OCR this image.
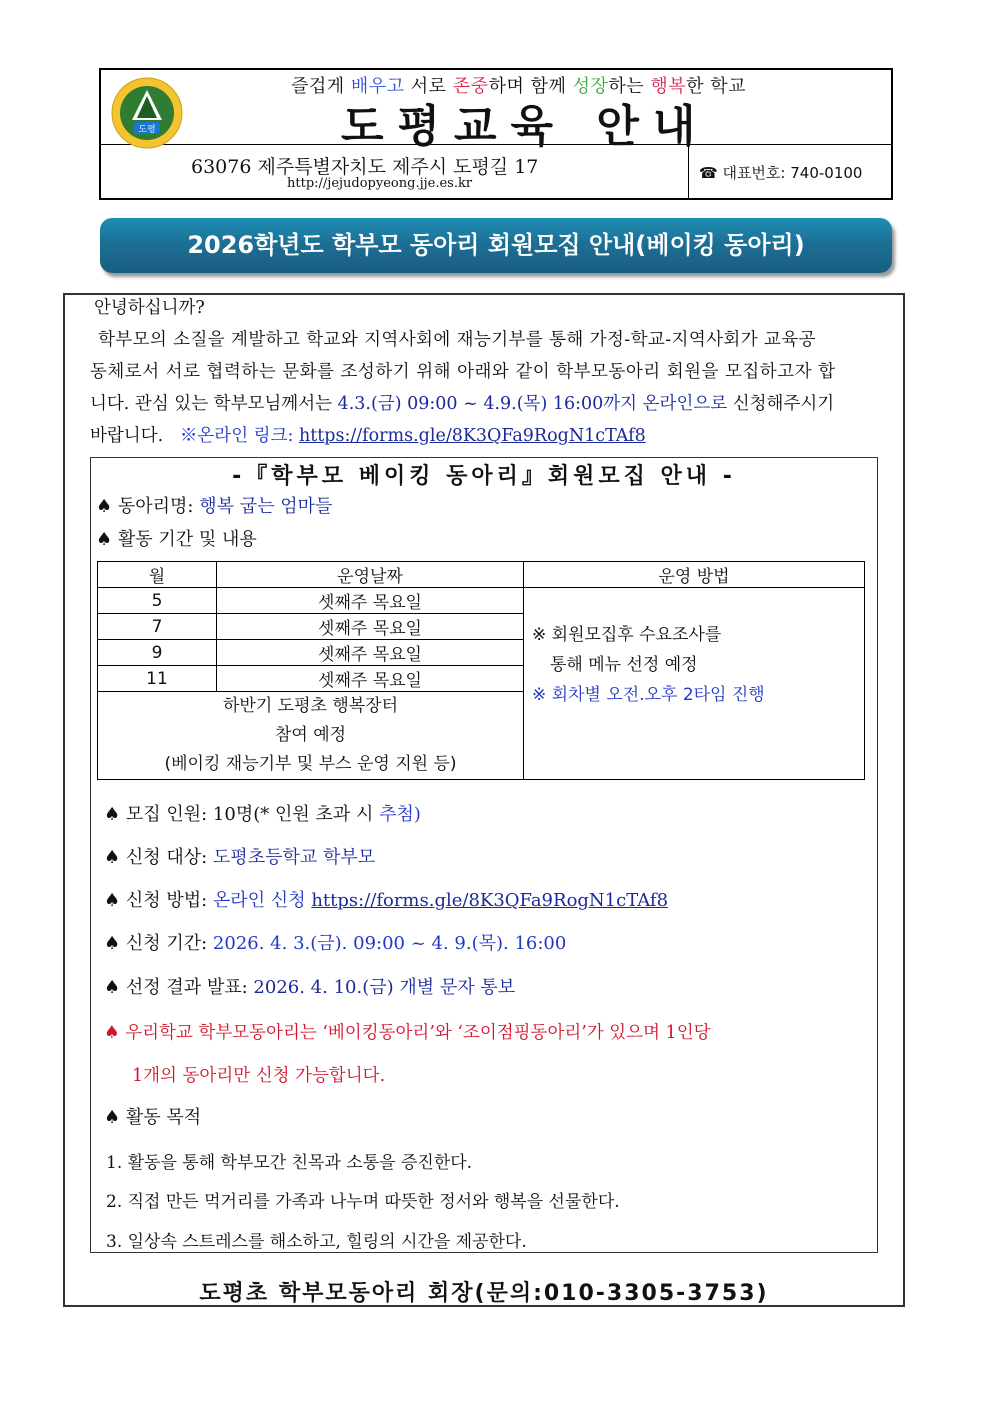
도평
즐겁게 배우고 서로 존중하며 함께 성장하는 행복한 학교
도평교육 안내
63076 제주특별자치도 제주시 도평길 17
http://jejudopyeong.jje.es.kr
☎ 대표번호: 740-0100
2026학년도 학부모 동아리 회원모집 안내(베이킹 동아리)
안녕하십니까?
학부모의 소질을 계발하고 학교와 지역사회에 재능기부를 통해 가정-학교-지역사회가 교육공
동체로서 서로 협력하는 문화를 조성하기 위해 아래와 같이 학부모동아리 회원을 모집하고자 합
니다. 관심 있는 학부모님께서는 4.3.(금) 09:00 ~ 4.9.(목) 16:00까지 온라인으로 신청해주시기
바랍니다. ※온라인 링크: https://forms.gle/8K3QFa9RogN1cTAf8
-『학부모 베이킹 동아리』회원모집 안내 -
♠ 동아리명: 행복 굽는 엄마들
♠ 활동 기간 및 내용
월	운영날짜	운영 방법
5	셋째주 목요일	※ 회원모집후 수요조사를
통해 메뉴 선정 예정
※ 회차별 오전.오후 2타임 진행

7	셋째주 목요일	
9	셋째주 목요일	
11	셋째주 목요일	

하반기 도평초 행복장터
참여 예정
(베이킹 재능기부 및 부스 운영 지원 등)		
♠ 모집 인원: 10명(* 인원 초과 시 추첨)
♠ 신청 대상: 도평초등학교 학부모
♠ 신청 방법: 온라인 신청 https://forms.gle/8K3QFa9RogN1cTAf8
♠ 신청 기간: 2026. 4. 3.(금). 09:00 ~ 4. 9.(목). 16:00
♠ 선정 결과 발표: 2026. 4. 10.(금) 개별 문자 통보
♠ 우리학교 학부모동아리는 ‘베이킹동아리’와 ‘조이점핑동아리’가 있으며 1인당
1개의 동아리만 신청 가능합니다.
♠ 활동 목적
1. 활동을 통해 학부모간 친목과 소통을 증진한다.
2. 직접 만든 먹거리를 가족과 나누며 따뜻한 정서와 행복을 선물한다.
3. 일상속 스트레스를 해소하고, 힐링의 시간을 제공한다.
도평초 학부모동아리 회장(문의:010-3305-3753)
